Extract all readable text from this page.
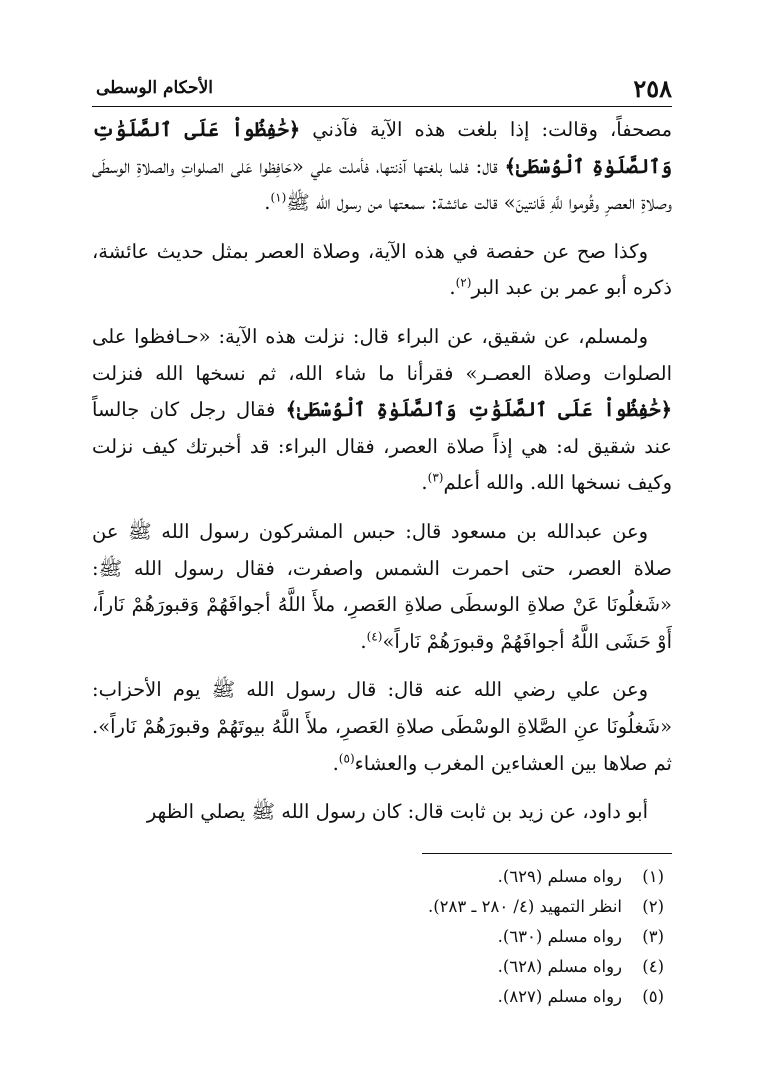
٢٥٨
الأحكام الوسطى

مصحفاً، وقالت: إذا بلغت هذه الآية فآذني ﴿حَٰفِظُواْ عَلَى ٱلصَّلَوَٰتِ وَٱلصَّلَوٰةِ ٱلْوُسْطَىٰ﴾ قال: فلما بلغتها آذنتها، فأملت علي «حَافِظوا عَلى الصلواتِ والصلاةِ الوسطَى وصلاةِ العصرِ وقُوموا للَّهِ قَانتينَ» قالت عائشة: سمعتها من رسول الله ﷺ$^{(١)}$.

وكذا صح عن حفصة في هذه الآية، وصلاة العصر بمثل حديث عائشة، ذكره أبو عمر بن عبد البر$^{(٢)}$.

ولمسلم، عن شقيق، عن البراء قال: نزلت هذه الآية: «حـافظوا على الصلوات وصلاة العصـر» فقرأنا ما شاء الله، ثم نسخها الله فنزلت ﴿حَٰفِظُواْ عَلَى ٱلصَّلَوَٰتِ وَٱلصَّلَوٰةِ ٱلْوُسْطَىٰ﴾ فقال رجل كان جالساً عند شقيق له: هي إذاً صلاة العصر، فقال البراء: قد أخبرتك كيف نزلت وكيف نسخها الله. والله أعلم$^{(٣)}$.

وعن عبدالله بن مسعود قال: حبس المشركون رسول الله ﷺ عن صلاة العصر، حتى احمرت الشمس واصفرت، فقال رسول الله ﷺ: «شَغلُونَا عَنْ صلاةِ الوسطَى صلاةِ العَصرِ، ملأَ اللَّهُ أجوافَهُمْ وَقبورَهُمْ نَاراً، أَوْ حَشَى اللَّهُ أجوافَهُمْ وقبورَهُمْ نَاراً»$^{(٤)}$.

وعن علي رضي الله عنه قال: قال رسول الله ﷺ يوم الأحزاب: «شَغلُونَا عنِ الصَّلاةِ الوسْطَى صلاةِ العَصرِ، ملأَ اللَّهُ بيوتَهُمْ وقبورَهُمْ نَاراً». ثم صلاها بين العشاءين المغرب والعشاء$^{(٥)}$.

أبو داود، عن زيد بن ثابت قال: كان رسول الله ﷺ يصلي الظهر

(١)رواه مسلم (٦٢٩).

(٢)انظر التمهيد (٤/ ٢٨٠ ـ ٢٨٣).

(٣)رواه مسلم (٦٣٠).

(٤)رواه مسلم (٦٢٨).

(٥)رواه مسلم (٨٢٧).
